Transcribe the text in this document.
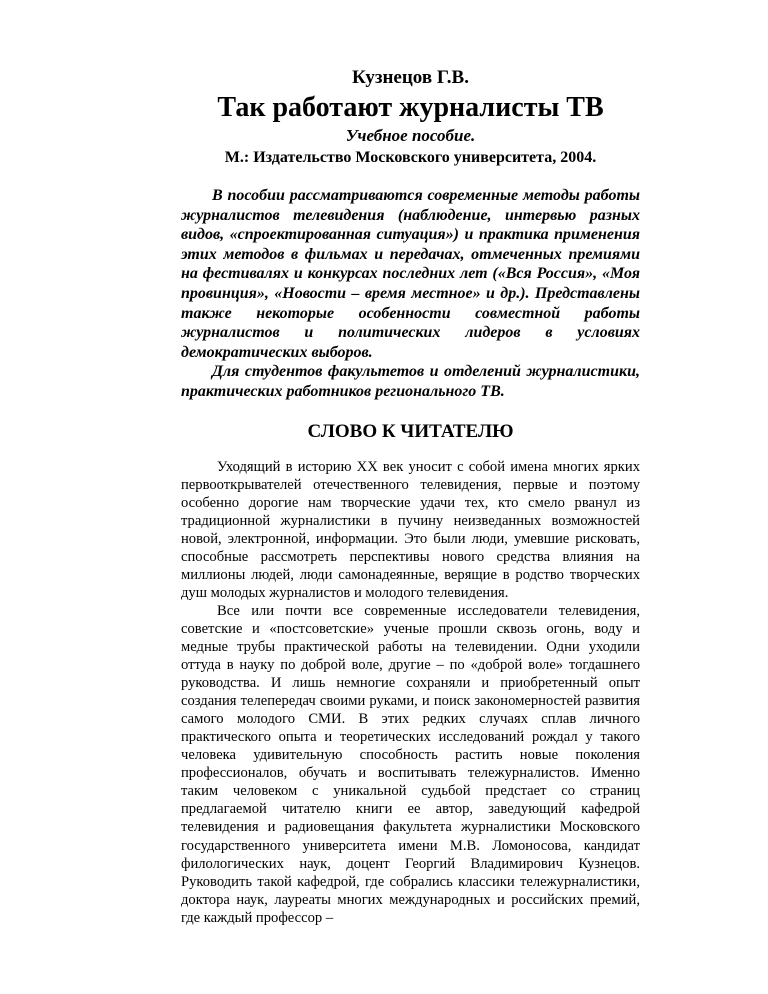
Кузнецов Г.В.

Так работают журналисты ТВ

Учебное пособие.

М.: Издательство Московского университета, 2004.

В пособии рассматриваются современные методы работы журналистов телевидения (наблюдение, интервью разных видов, «спроектированная ситуация») и практика применения этих методов в фильмах и передачах, отмеченных премиями на фестивалях и конкурсах последних лет («Вся Россия», «Моя провинция», «Новости – время местное» и др.). Представлены также некоторые особенности совместной работы журналистов и политических лидеров в условиях демократических выборов.

Для студентов факультетов и отделений журналистики, практических работников регионального ТВ.

СЛОВО К ЧИТАТЕЛЮ

Уходящий в историю XX век уносит с собой имена многих ярких первооткрывателей отечественного телевидения, первые и поэтому особенно дорогие нам творческие удачи тех, кто смело рванул из традиционной журналистики в пучину неизведанных возможностей новой, электронной, информации. Это были люди, умевшие рисковать, способные рассмотреть перспективы нового средства влияния на миллионы людей, люди самонадеянные, верящие в родство творческих душ молодых журналистов и молодого телевидения.

Все или почти все современные исследователи телевидения, советские и «постсоветские» ученые прошли сквозь огонь, воду и медные трубы практической работы на телевидении. Одни уходили оттуда в науку по доброй воле, другие – по «доброй воле» тогдашнего руководства. И лишь немногие сохраняли и приобретенный опыт создания телепередач своими руками, и поиск закономерностей развития самого молодого СМИ. В этих редких случаях сплав личного практического опыта и теоретических исследований рождал у такого человека удивительную способность растить новые поколения профессионалов, обучать и воспитывать тележурналистов. Именно таким человеком с уникальной судьбой предстает со страниц предлагаемой читателю книги ее автор, заведующий кафедрой телевидения и радиовещания факультета журналистики Московского государственного университета имени М.В. Ломоносова, кандидат филологических наук, доцент Георгий Владимирович Кузнецов. Руководить такой кафедрой, где собрались классики тележурналистики, доктора наук, лауреаты многих международных и российских премий, где каждый профессор –
